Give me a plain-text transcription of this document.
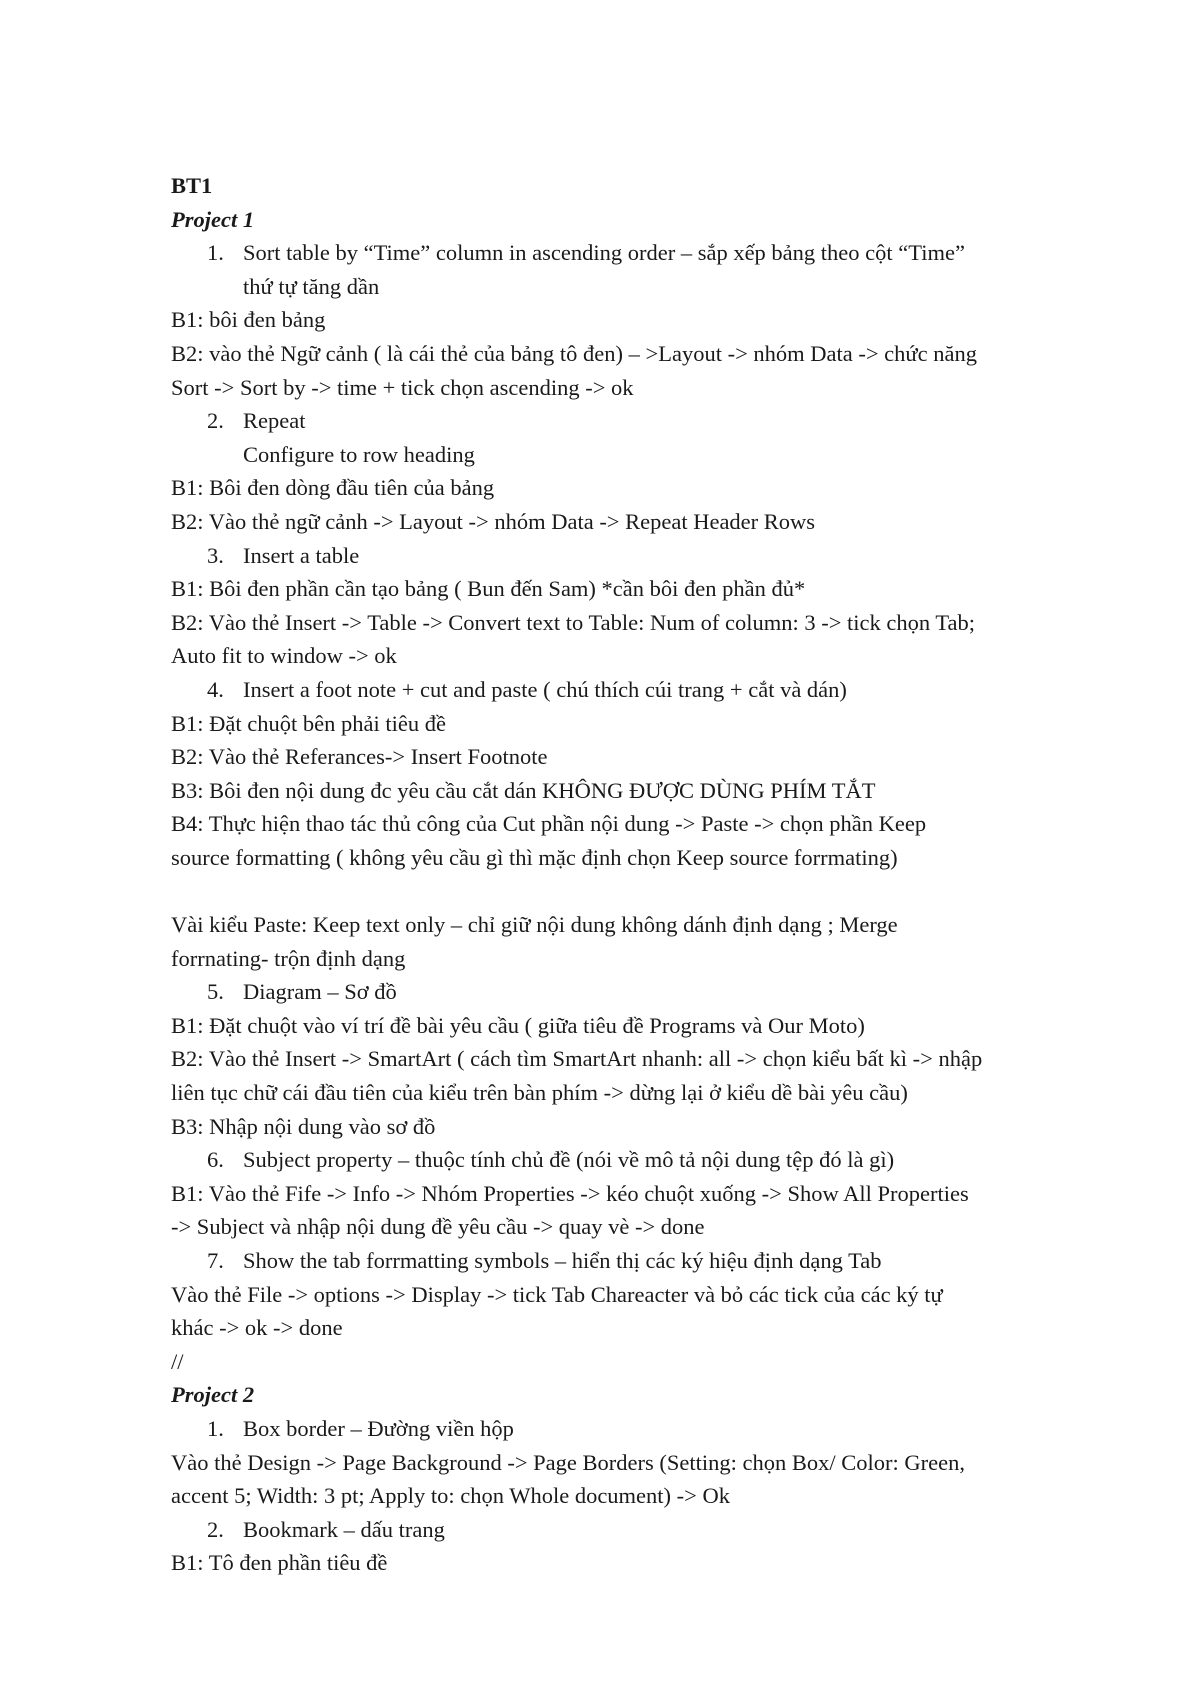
BT1
Project 1
1. Sort table by “Time” column in ascending order – sắp xếp bảng theo cột “Time”
thứ tự tăng dần
B1: bôi đen bảng
B2: vào thẻ Ngữ cảnh ( là cái thẻ của bảng tô đen) – >Layout -> nhóm Data -> chức năng
Sort -> Sort by -> time + tick chọn ascending -> ok
2. Repeat
Configure to row heading
B1: Bôi đen dòng đầu tiên của bảng
B2: Vào thẻ ngữ cảnh -> Layout -> nhóm Data -> Repeat Header Rows
3. Insert a table
B1: Bôi đen phần cần tạo bảng ( Bun đến Sam) *cần bôi đen phần đủ*
B2: Vào thẻ Insert -> Table -> Convert text to Table: Num of column: 3 -> tick chọn Tab;
Auto fit to window -> ok
4. Insert a foot note + cut and paste ( chú thích cúi trang + cắt và dán)
B1: Đặt chuột bên phải tiêu đề
B2: Vào thẻ Referances-> Insert Footnote
B3: Bôi đen nội dung đc yêu cầu cắt dán KHÔNG ĐƯỢC DÙNG PHÍM TẮT
B4: Thực hiện thao tác thủ công của Cut phần nội dung -> Paste -> chọn phần Keep
source formatting ( không yêu cầu gì thì mặc định chọn Keep source forrmating)
Vài kiểu Paste: Keep text only – chỉ giữ nội dung không dánh định dạng ; Merge
forrnating- trộn định dạng
5. Diagram – Sơ đồ
B1: Đặt chuột vào ví trí đề bài yêu cầu ( giữa tiêu đề Programs và Our Moto)
B2: Vào thẻ Insert -> SmartArt ( cách tìm SmartArt nhanh: all -> chọn kiểu bất kì -> nhập
liên tục chữ cái đầu tiên của kiểu trên bàn phím -> dừng lại ở kiểu dề bài yêu cầu)
B3: Nhập nội dung vào sơ đồ
6. Subject property – thuộc tính chủ đề (nói về mô tả nội dung tệp đó là gì)
B1: Vào thẻ Fife -> Info -> Nhóm Properties -> kéo chuột xuống -> Show All Properties
-> Subject và nhập nội dung đề yêu cầu -> quay vè -> done
7. Show the tab forrmatting symbols – hiển thị các ký hiệu định dạng Tab
Vào thẻ File -> options -> Display -> tick Tab Chareacter và bỏ các tick của các ký tự
khác -> ok -> done
//
Project 2
1. Box border – Đường viền hộp
Vào thẻ Design -> Page Background -> Page Borders (Setting: chọn Box/ Color: Green,
accent 5; Width: 3 pt; Apply to: chọn Whole document) -> Ok
2. Bookmark – dấu trang
B1: Tô đen phần tiêu đề
